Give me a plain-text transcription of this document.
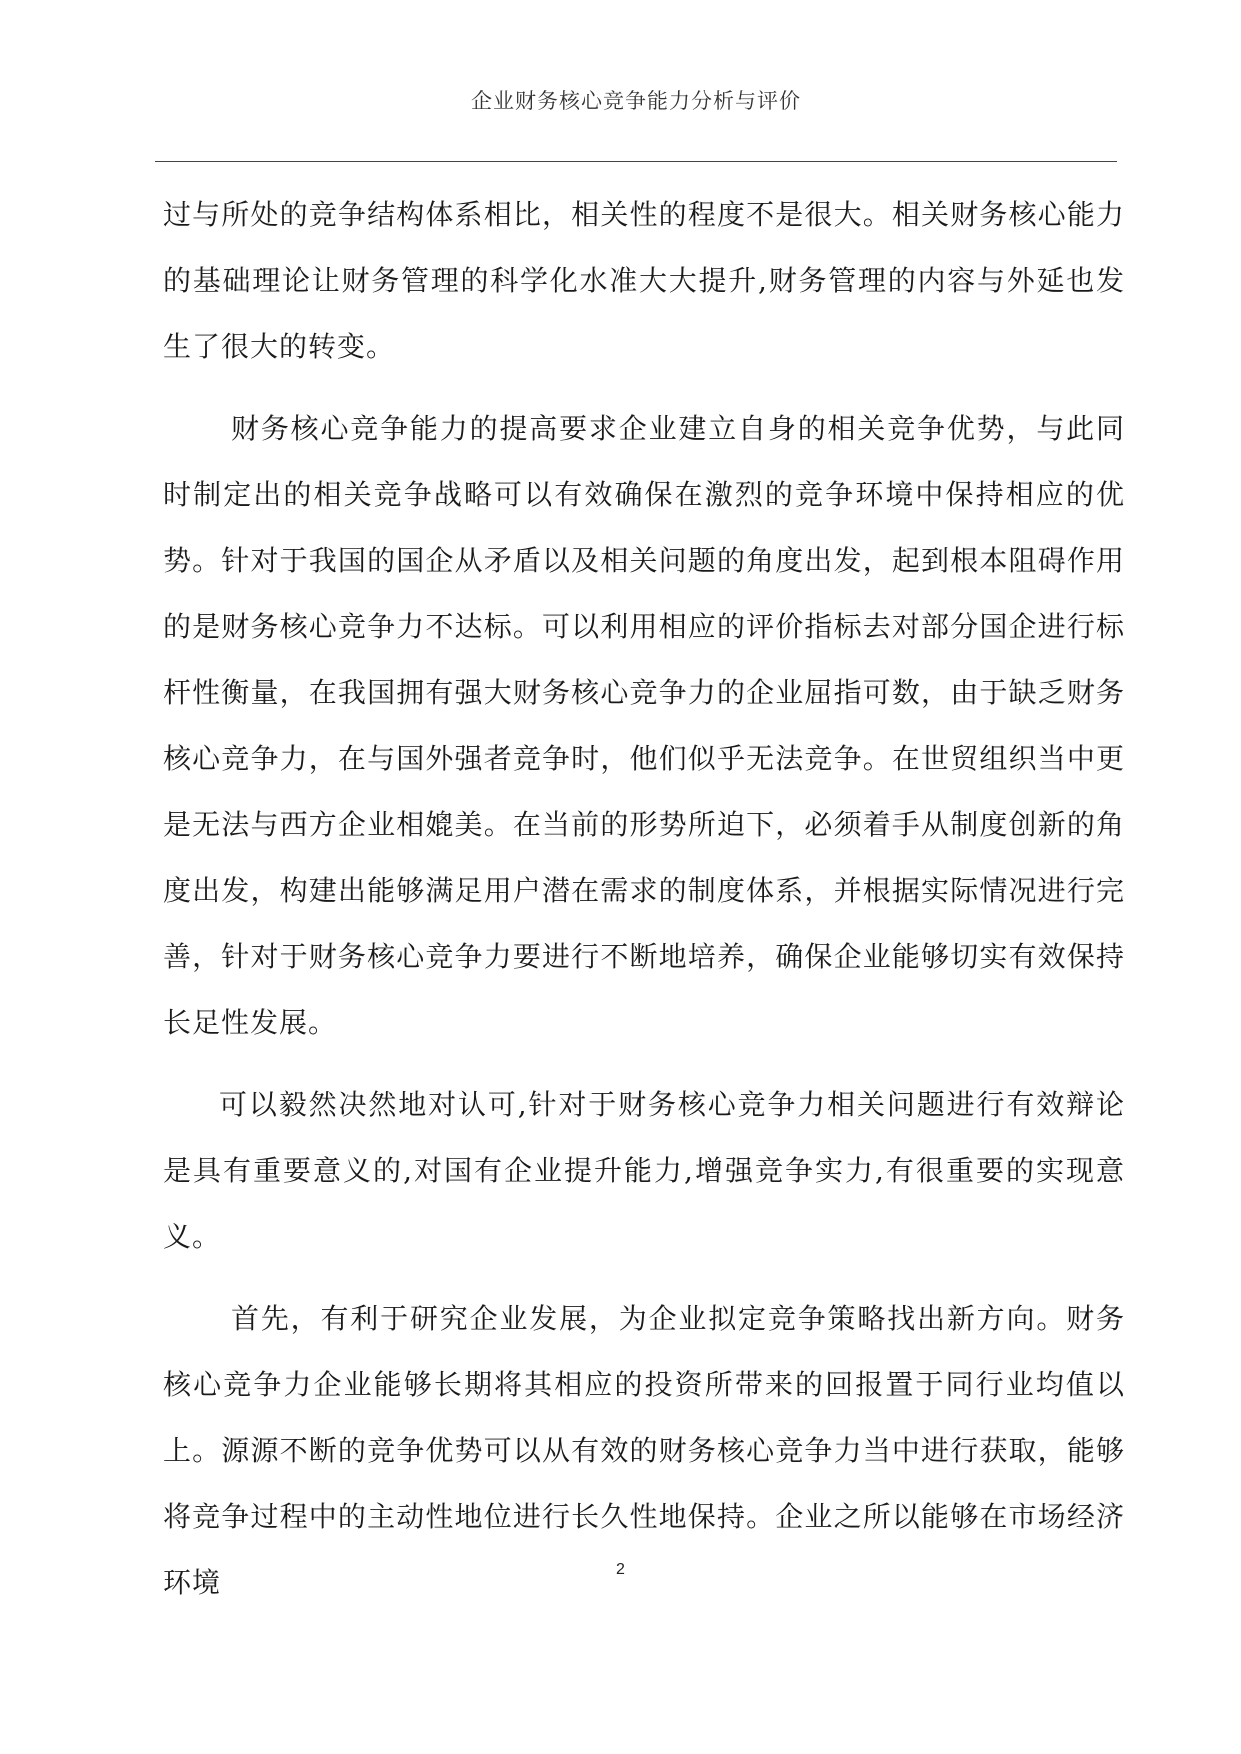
企业财务核心竞争能力分析与评价

过与所处的竞争结构体系相比，相关性的程度不是很大。相关财务核心能力的基础理论让财务管理的科学化水准大大提升,财务管理的内容与外延也发生了很大的转变。

财务核心竞争能力的提高要求企业建立自身的相关竞争优势，与此同时制定出的相关竞争战略可以有效确保在激烈的竞争环境中保持相应的优势。针对于我国的国企从矛盾以及相关问题的角度出发，起到根本阻碍作用的是财务核心竞争力不达标。可以利用相应的评价指标去对部分国企进行标杆性衡量，在我国拥有强大财务核心竞争力的企业屈指可数，由于缺乏财务核心竞争力，在与国外强者竞争时，他们似乎无法竞争。在世贸组织当中更是无法与西方企业相媲美。在当前的形势所迫下，必须着手从制度创新的角度出发，构建出能够满足用户潜在需求的制度体系，并根据实际情况进行完善，针对于财务核心竞争力要进行不断地培养，确保企业能够切实有效保持长足性发展。

可以毅然决然地对认可,针对于财务核心竞争力相关问题进行有效辩论是具有重要意义的,对国有企业提升能力,增强竞争实力,有很重要的实现意义。

首先，有利于研究企业发展，为企业拟定竞争策略找出新方向。财务核心竞争力企业能够长期将其相应的投资所带来的回报置于同行业均值以上。源源不断的竞争优势可以从有效的财务核心竞争力当中进行获取，能够将竞争过程中的主动性地位进行长久性地保持。企业之所以能够在市场经济环境	2
